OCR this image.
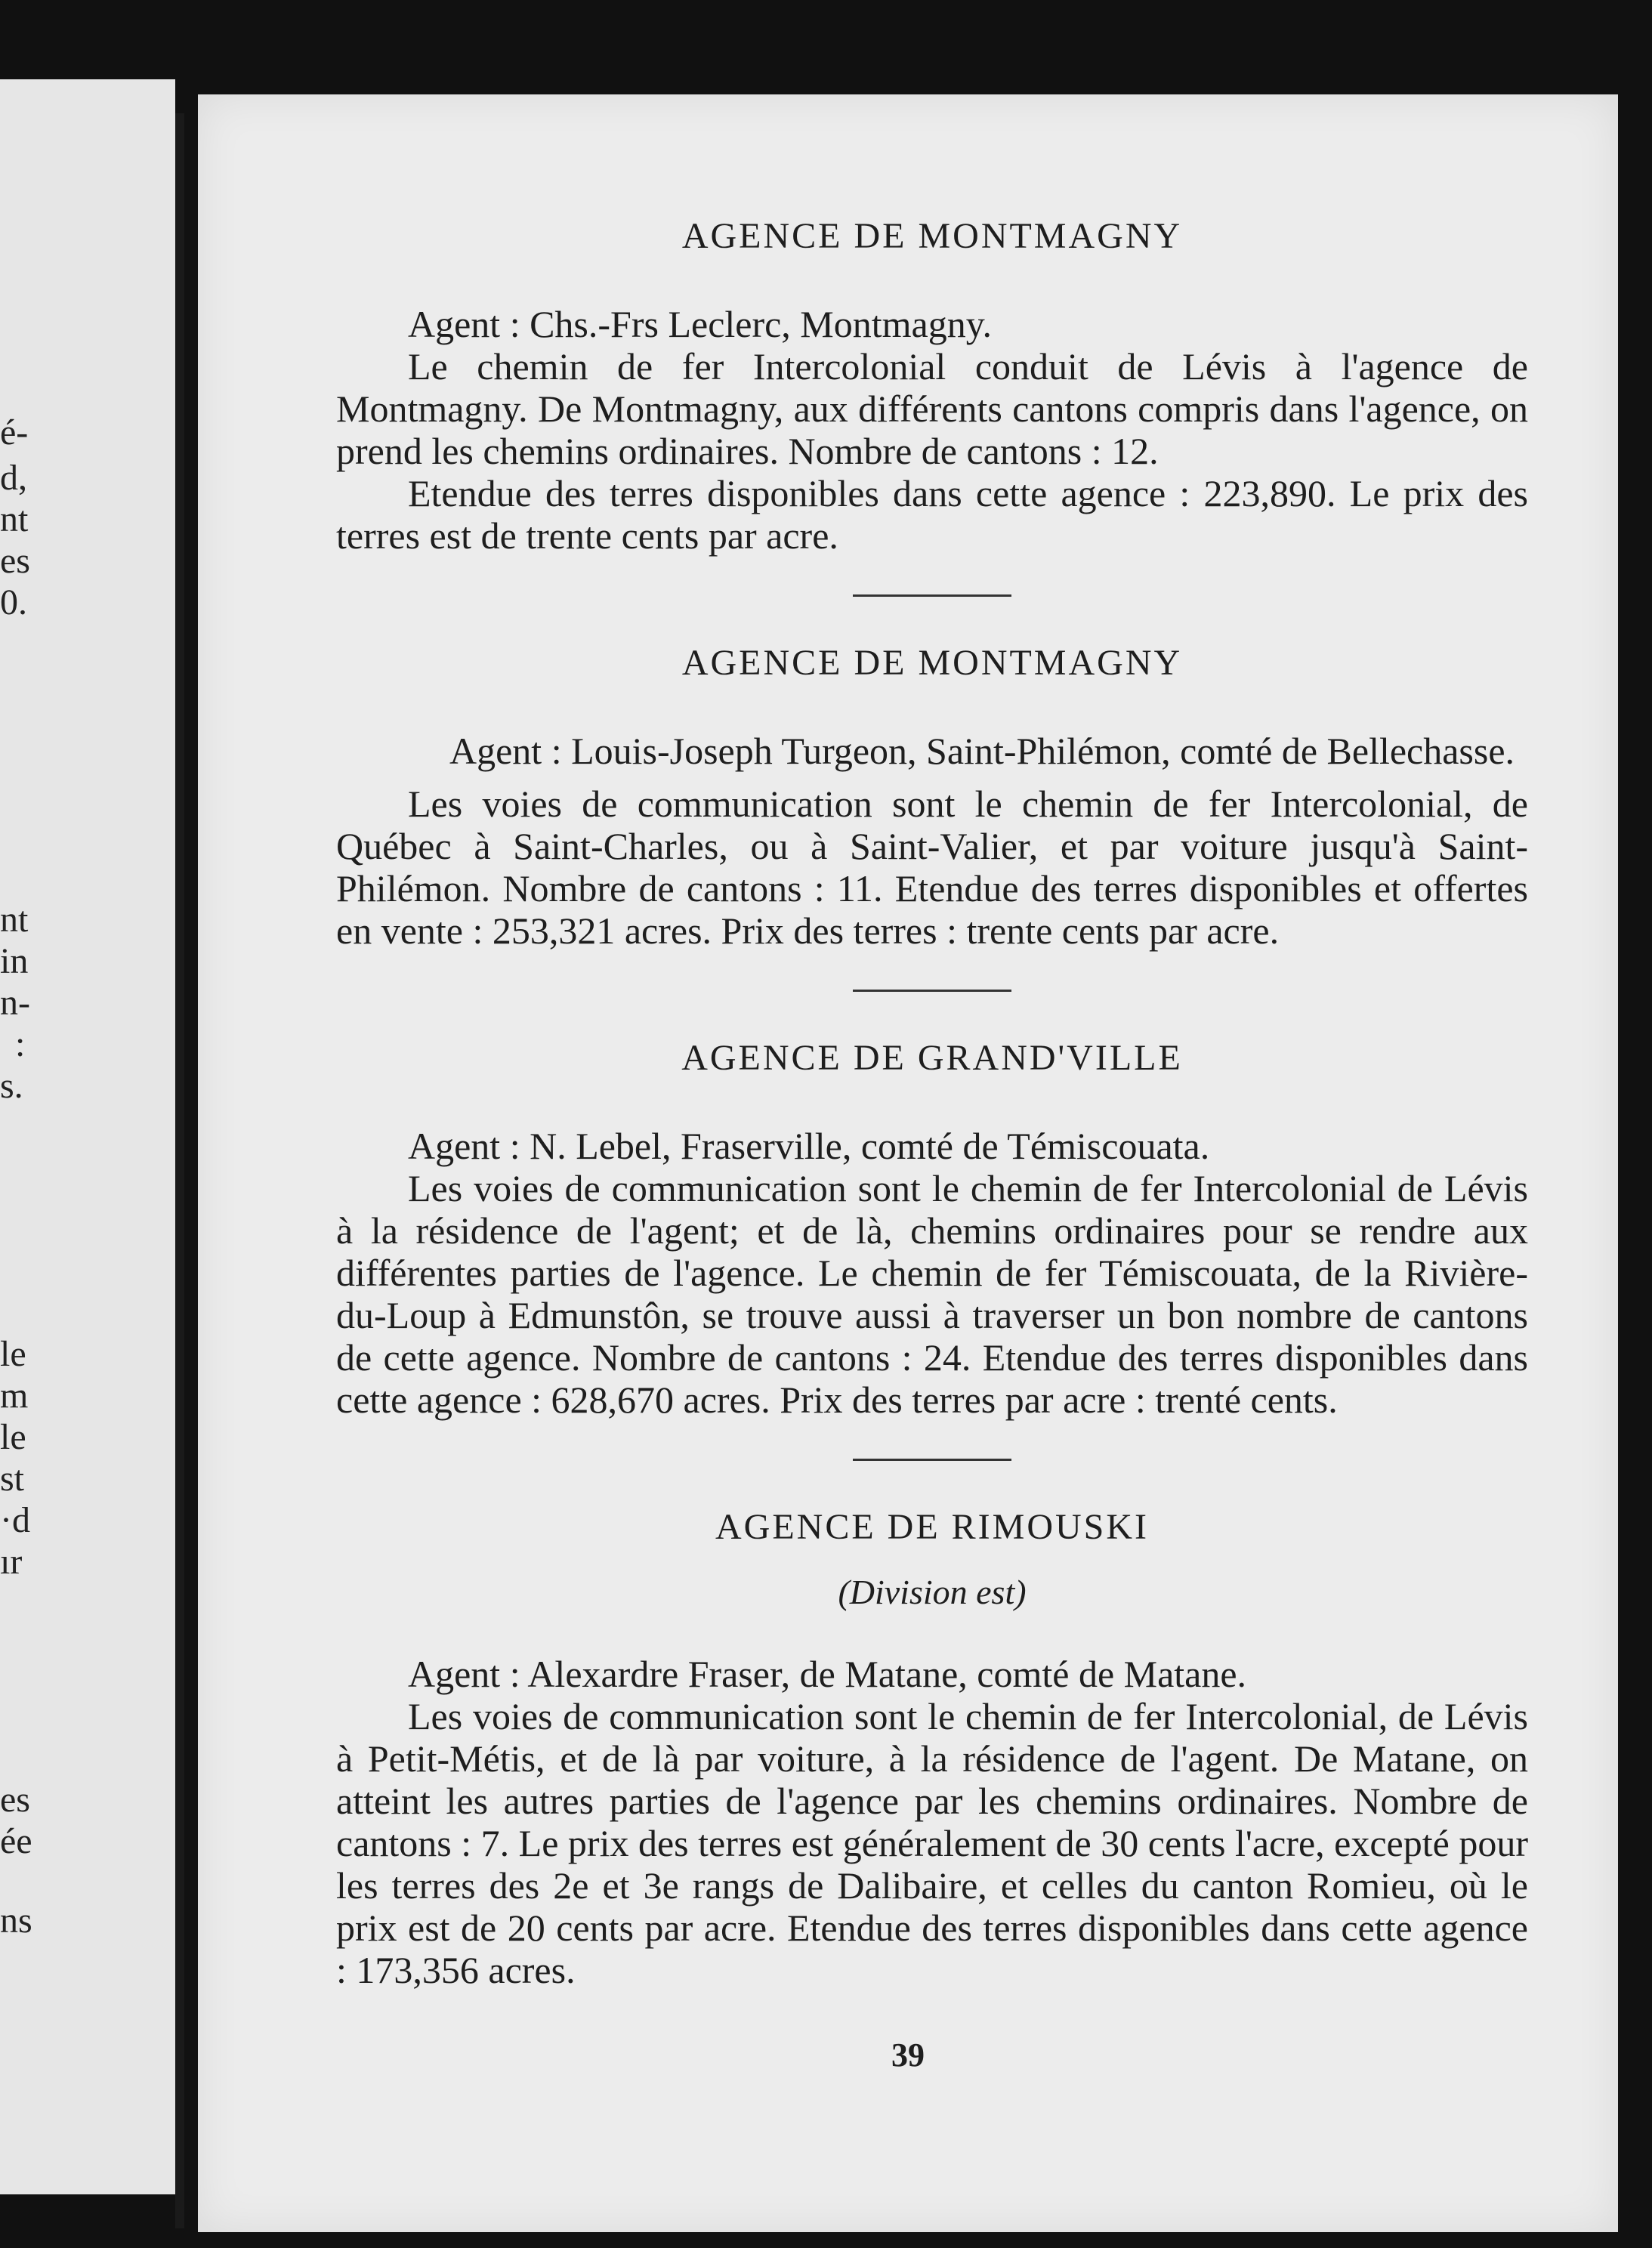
é-
d,
nt
es
0.
nt
in
n-
:
s.
le
m
le
st
·d
ır
es
ée
ns
AGENCE DE MONTMAGNY

Agent : Chs.-Frs Leclerc, Montmagny.

Le chemin de fer Intercolonial conduit de Lévis à l'agence de Montmagny. De Montmagny, aux différents cantons compris dans l'agence, on prend les chemins ordinaires. Nombre de cantons : 12.

Etendue des terres disponibles dans cette agence : 223,890. Le prix des terres est de trente cents par acre.

AGENCE DE MONTMAGNY

Agent : Louis-Joseph Turgeon, Saint-Philémon, comté de Bellechasse.

Les voies de communication sont le chemin de fer Intercolonial, de Québec à Saint-Charles, ou à Saint-Valier, et par voiture jusqu'à Saint-Philémon. Nombre de cantons : 11. Etendue des terres disponibles et offertes en vente : 253,321 acres. Prix des terres : trente cents par acre.

AGENCE DE GRAND'VILLE

Agent : N. Lebel, Fraserville, comté de Témiscouata.

Les voies de communication sont le chemin de fer Intercolonial de Lévis à la résidence de l'agent; et de là, chemins ordinaires pour se rendre aux différentes parties de l'agence. Le chemin de fer Témiscouata, de la Rivière-du-Loup à Edmunstôn, se trouve aussi à traverser un bon nombre de cantons de cette agence. Nombre de cantons : 24. Etendue des terres disponibles dans cette agence : 628,670 acres. Prix des terres par acre : trenté cents.

AGENCE DE RIMOUSKI
(Division est)

Agent : Alexardre Fraser, de Matane, comté de Matane.

Les voies de communication sont le chemin de fer Intercolonial, de Lévis à Petit-Métis, et de là par voiture, à la résidence de l'agent. De Matane, on atteint les autres parties de l'agence par les chemins ordinaires. Nombre de cantons : 7. Le prix des terres est généralement de 30 cents l'acre, excepté pour les terres des 2e et 3e rangs de Dalibaire, et celles du canton Romieu, où le prix est de 20 cents par acre. Etendue des terres disponibles dans cette agence : 173,356 acres.

39
